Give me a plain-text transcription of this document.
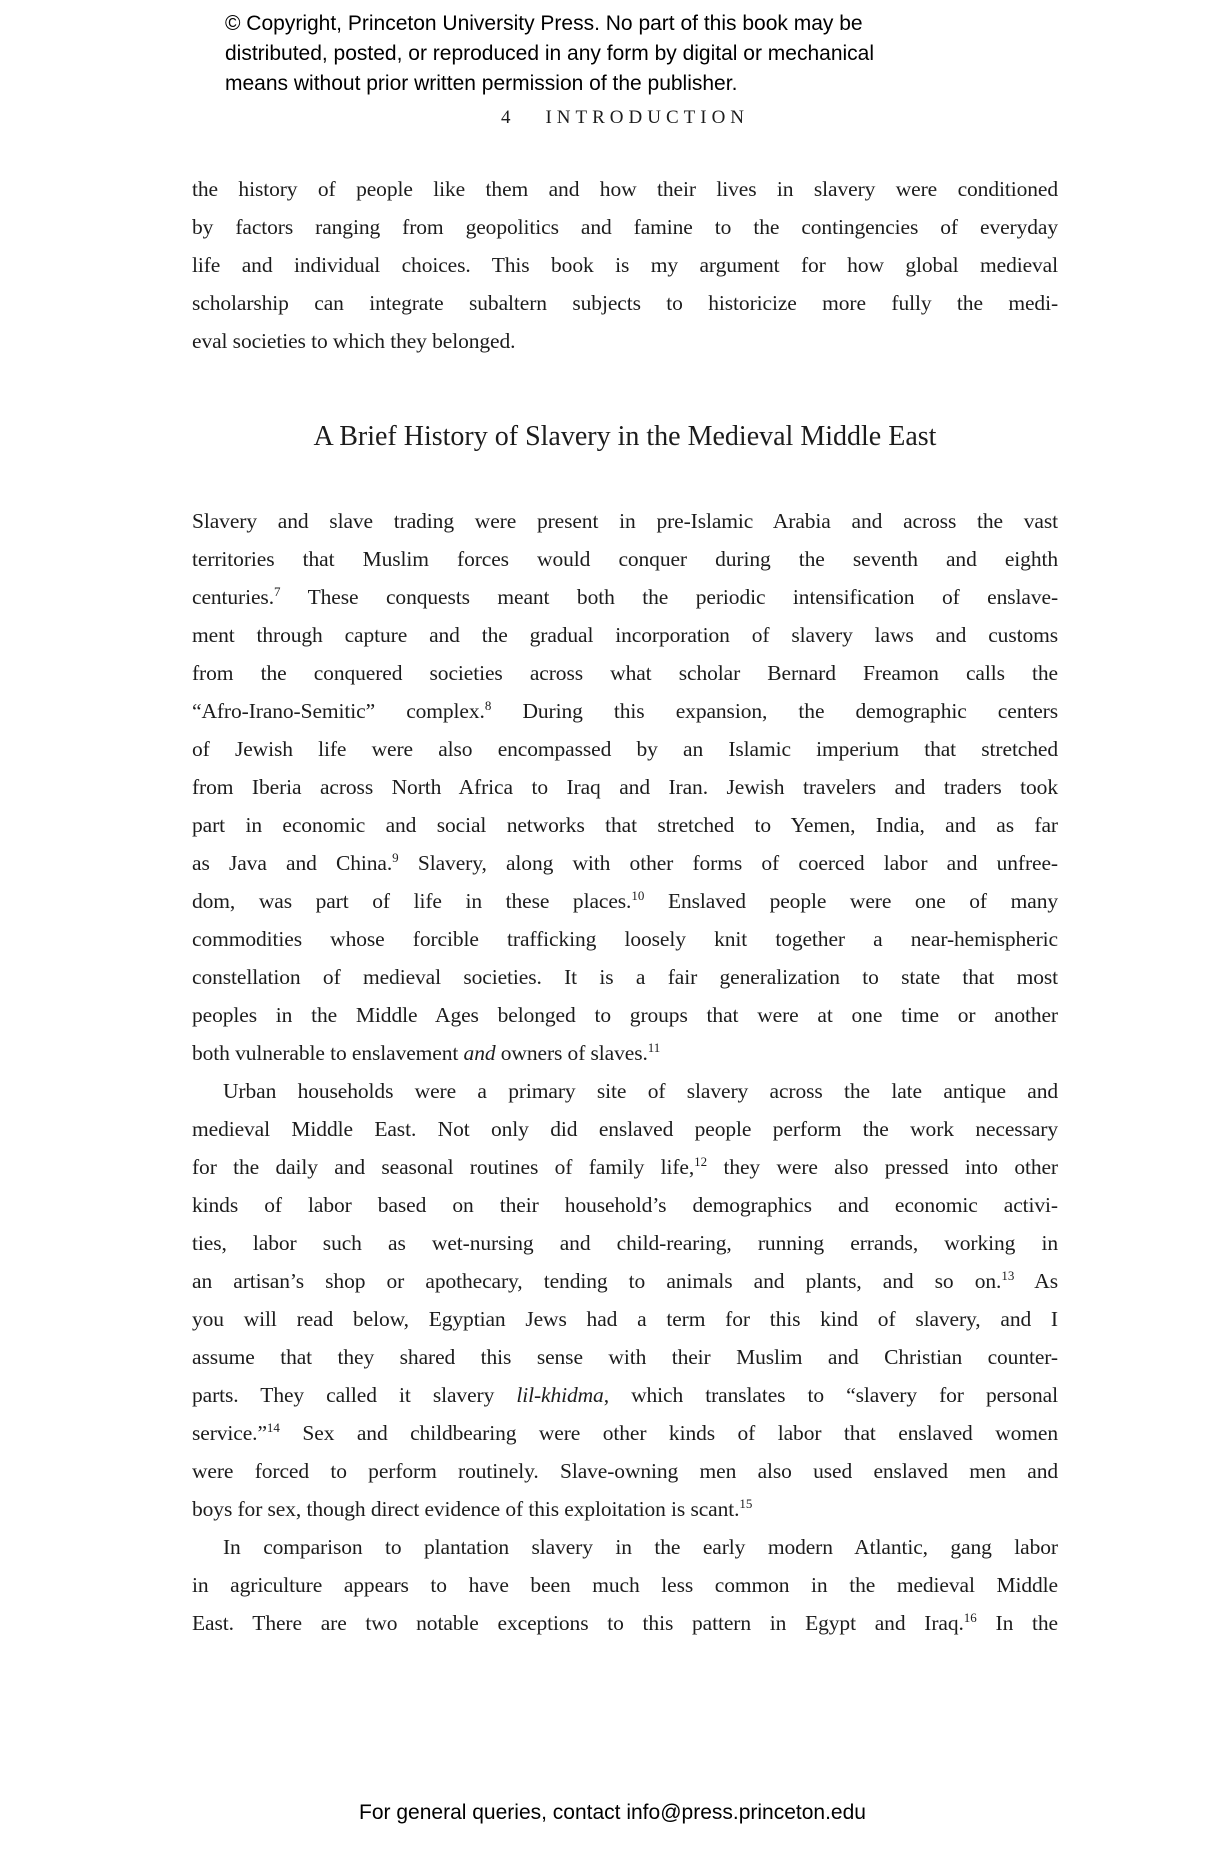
© Copyright, Princeton University Press. No part of this book may be
distributed, posted, or reproduced in any form by digital or mechanical
means without prior written permission of the publisher.
4 INTRODUCTION
the history of people like them and how their lives in slavery were conditioned
by factors ranging from geopolitics and famine to the contingencies of everyday
life and individual choices. This book is my argument for how global medieval
scholarship can integrate subaltern subjects to historicize more fully the medi-
eval societies to which they belonged.
A Brief History of Slavery in the Medieval Middle East
Slavery and slave trading were present in pre-Islamic Arabia and across the vast
territories that Muslim forces would conquer during the seventh and eighth
centuries.$^7$ These conquests meant both the periodic intensification of enslave-
ment through capture and the gradual incorporation of slavery laws and customs
from the conquered societies across what scholar Bernard Freamon calls the
“Afro-Irano-Semitic” complex.$^8$ During this expansion, the demographic centers
of Jewish life were also encompassed by an Islamic imperium that stretched
from Iberia across North Africa to Iraq and Iran. Jewish travelers and traders took
part in economic and social networks that stretched to Yemen, India, and as far
as Java and China.$^9$ Slavery, along with other forms of coerced labor and unfree-
dom, was part of life in these places.$^{10}$ Enslaved people were one of many
commodities whose forcible trafficking loosely knit together a near-hemispheric
constellation of medieval societies. It is a fair generalization to state that most
peoples in the Middle Ages belonged to groups that were at one time or another
both vulnerable to enslavement and owners of slaves.$^{11}$
Urban households were a primary site of slavery across the late antique and
medieval Middle East. Not only did enslaved people perform the work necessary
for the daily and seasonal routines of family life,$^{12}$ they were also pressed into other
kinds of labor based on their household’s demographics and economic activi-
ties, labor such as wet-nursing and child-rearing, running errands, working in
an artisan’s shop or apothecary, tending to animals and plants, and so on.$^{13}$ As
you will read below, Egyptian Jews had a term for this kind of slavery, and I
assume that they shared this sense with their Muslim and Christian counter-
parts. They called it slavery lil-khidma, which translates to “slavery for personal
service.”$^{14}$ Sex and childbearing were other kinds of labor that enslaved women
were forced to perform routinely. Slave-owning men also used enslaved men and
boys for sex, though direct evidence of this exploitation is scant.$^{15}$
In comparison to plantation slavery in the early modern Atlantic, gang labor
in agriculture appears to have been much less common in the medieval Middle
East. There are two notable exceptions to this pattern in Egypt and Iraq.$^{16}$ In the
For general queries, contact info@press.princeton.edu
